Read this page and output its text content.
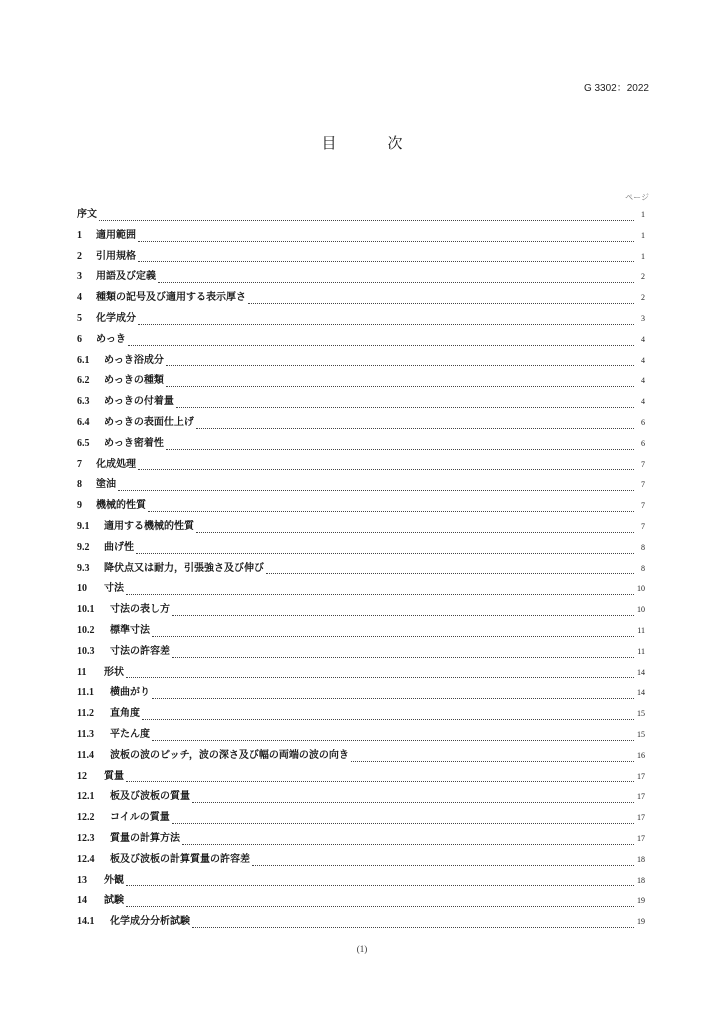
G 3302：2022
目　次
ページ
序文	1
1	適用範囲	1
2	引用規格	1
3	用語及び定義	2
4	種類の記号及び適用する表示厚さ	2
5	化学成分	3
6	めっき	4
6.1	めっき浴成分	4
6.2	めっきの種類	4
6.3	めっきの付着量	4
6.4	めっきの表面仕上げ	6
6.5	めっき密着性	6
7	化成処理	7
8	塗油	7
9	機械的性質	7
9.1	適用する機械的性質	7
9.2	曲げ性	8
9.3	降伏点又は耐力，引張強さ及び伸び	8
10	寸法	10
10.1	寸法の表し方	10
10.2	標準寸法	11
10.3	寸法の許容差	11
11	形状	14
11.1	横曲がり	14
11.2	直角度	15
11.3	平たん度	15
11.4	波板の波のピッチ，波の深さ及び幅の両端の波の向き	16
12	質量	17
12.1	板及び波板の質量	17
12.2	コイルの質量	17
12.3	質量の計算方法	17
12.4	板及び波板の計算質量の許容差	18
13	外観	18
14	試験	19
14.1	化学成分分析試験	19
(1)
